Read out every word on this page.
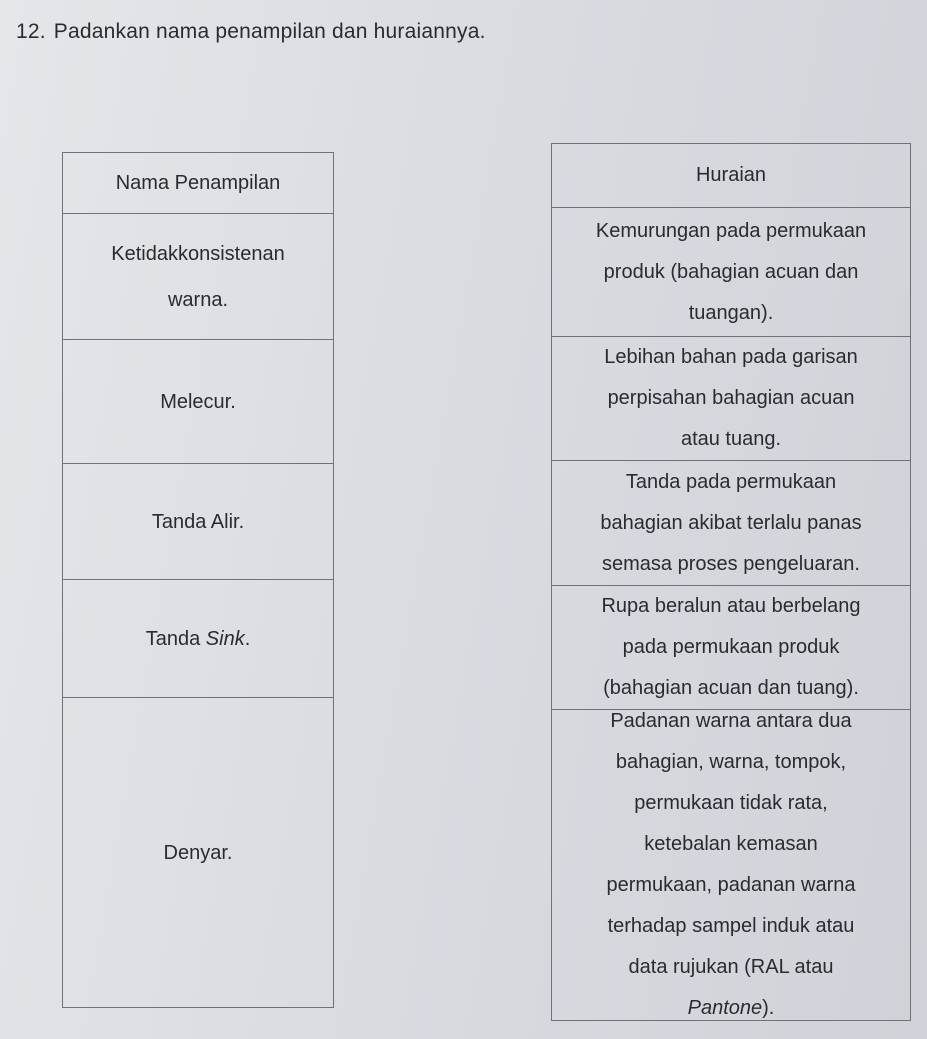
12. Padankan nama penampilan dan huraiannya.
Nama Penampilan
Ketidakkonsistenan
warna.
Melecur.
Tanda Alir.
Tanda Sink.
Denyar.
Huraian
Kemurungan pada permukaan
produk (bahagian acuan dan
tuangan).
Lebihan bahan pada garisan
perpisahan bahagian acuan
atau tuang.
Tanda pada permukaan
bahagian akibat terlalu panas
semasa proses pengeluaran.
Rupa beralun atau berbelang
pada permukaan produk
(bahagian acuan dan tuang).
Padanan warna antara dua
bahagian, warna, tompok,
permukaan tidak rata,
ketebalan kemasan
permukaan, padanan warna
terhadap sampel induk atau
data rujukan (RAL atau
Pantone).
